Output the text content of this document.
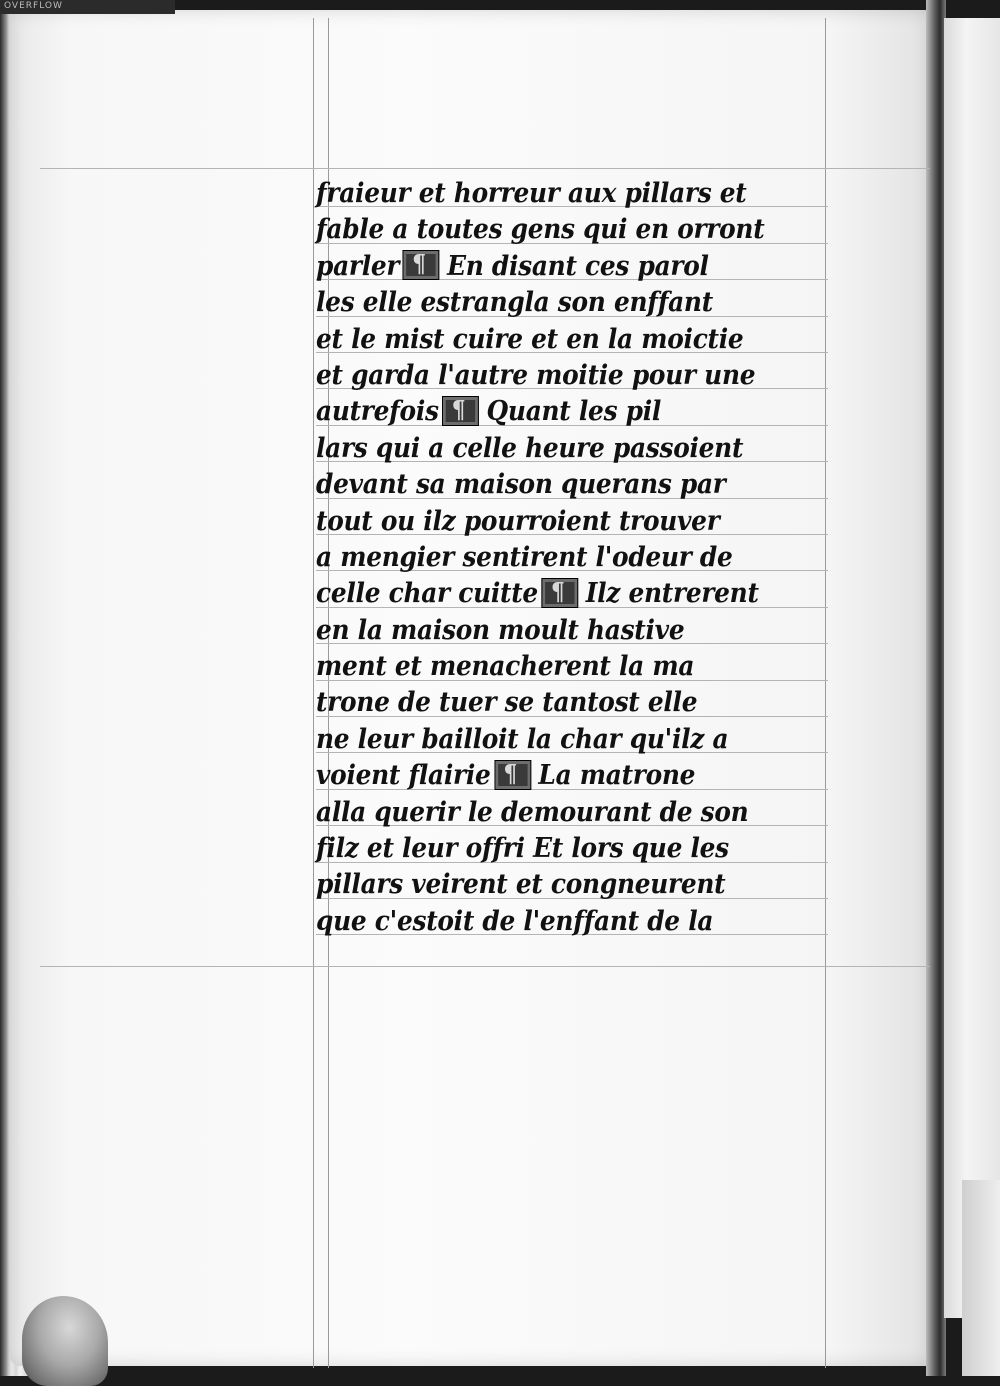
OVERFLOW
fraieur et horreur aux pillars et
fable a toutes gens qui en orront
parler ¶ En disant ces parol
les elle estrangla son enffant
et le mist cuire et en la moictie
et garda l'autre moitie pour une
autrefois ¶ Quant les pil
lars qui a celle heure passoient
devant sa maison querans par
tout ou ilz pourroient trouver
a mengier sentirent l'odeur de
celle char cuitte ¶ Ilz entrerent
en la maison moult hastive
ment et menacherent la ma
trone de tuer se tantost elle
ne leur bailloit la char qu'ilz a
voient flairie ¶ La matrone
alla querir le demourant de son
filz et leur offri Et lors que les
pillars veirent et congneurent
que c'estoit de l'enffant de la
